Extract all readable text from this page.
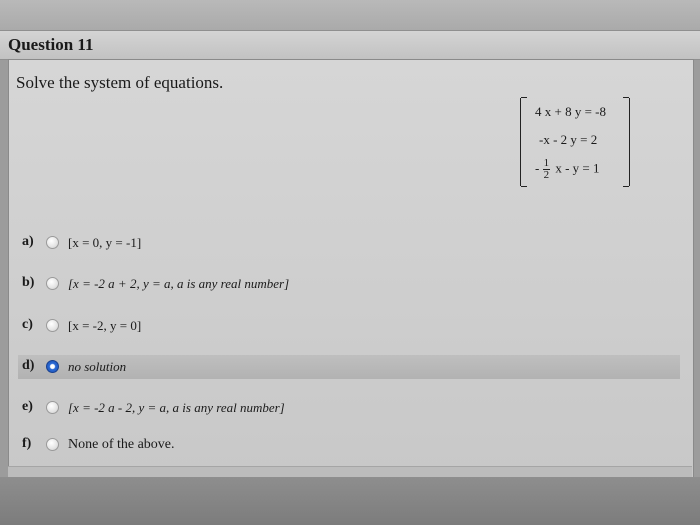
Question 11
Solve the system of equations.
4 x + 8 y = -8
-x - 2 y = 2
- $\frac{1}{2}$ x - y = 1
a)	[x = 0, y = -1]
b)	[x = -2 a + 2, y = a, a is any real number]
c)	[x = -2, y = 0]
d)	no solution
e)	[x = -2 a - 2, y = a, a is any real number]
f)	None of the above.
